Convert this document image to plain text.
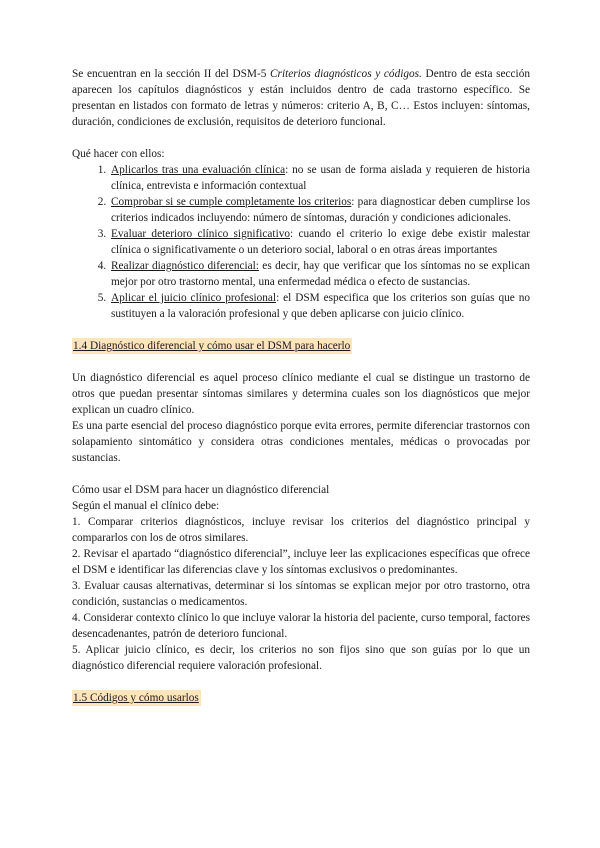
Se encuentran en la sección II del DSM-5 Criterios diagnósticos y códigos. Dentro de esta sección aparecen los capítulos diagnósticos y están incluidos dentro de cada trastorno específico. Se presentan en listados con formato de letras y números: criterio A, B, C… Estos incluyen: síntomas, duración, condiciones de exclusión, requisitos de deterioro funcional.

Qué hacer con ellos:

1. Aplicarlos tras una evaluación clínica: no se usan de forma aislada y requieren de historia clínica, entrevista e información contextual
2. Comprobar si se cumple completamente los criterios: para diagnosticar deben cumplirse los criterios indicados incluyendo: número de síntomas, duración y condiciones adicionales.
3. Evaluar deterioro clínico significativo: cuando el criterio lo exige debe existir malestar clínica o significativamente o un deterioro social, laboral o en otras áreas importantes
4. Realizar diagnóstico diferencial: es decir, hay que verificar que los síntomas no se explican mejor por otro trastorno mental, una enfermedad médica o efecto de sustancias.
5. Aplicar el juicio clínico profesional: el DSM especifica que los criterios son guías que no sustituyen a la valoración profesional y que deben aplicarse con juicio clínico.

1.4 Diagnóstico diferencial y cómo usar el DSM para hacerlo

Un diagnóstico diferencial es aquel proceso clínico mediante el cual se distingue un trastorno de otros que puedan presentar síntomas similares y determina cuales son los diagnósticos que mejor explican un cuadro clínico.

Es una parte esencial del proceso diagnóstico porque evita errores, permite diferenciar trastornos con solapamiento sintomático y considera otras condiciones mentales, médicas o provocadas por sustancias.

Cómo usar el DSM para hacer un diagnóstico diferencial

Según el manual el clínico debe:

1. Comparar criterios diagnósticos, incluye revisar los criterios del diagnóstico principal y compararlos con los de otros similares.

2. Revisar el apartado “diagnóstico diferencial”, incluye leer las explicaciones específicas que ofrece el DSM e identificar las diferencias clave y los síntomas exclusivos o predominantes.

3. Evaluar causas alternativas, determinar si los síntomas se explican mejor por otro trastorno, otra condición, sustancias o medicamentos.

4. Considerar contexto clínico lo que incluye valorar la historia del paciente, curso temporal, factores desencadenantes, patrón de deterioro funcional.

5. Aplicar juicio clínico, es decir, los criterios no son fijos sino que son guías por lo que un diagnóstico diferencial requiere valoración profesional.

1.5 Códigos y cómo usarlos
